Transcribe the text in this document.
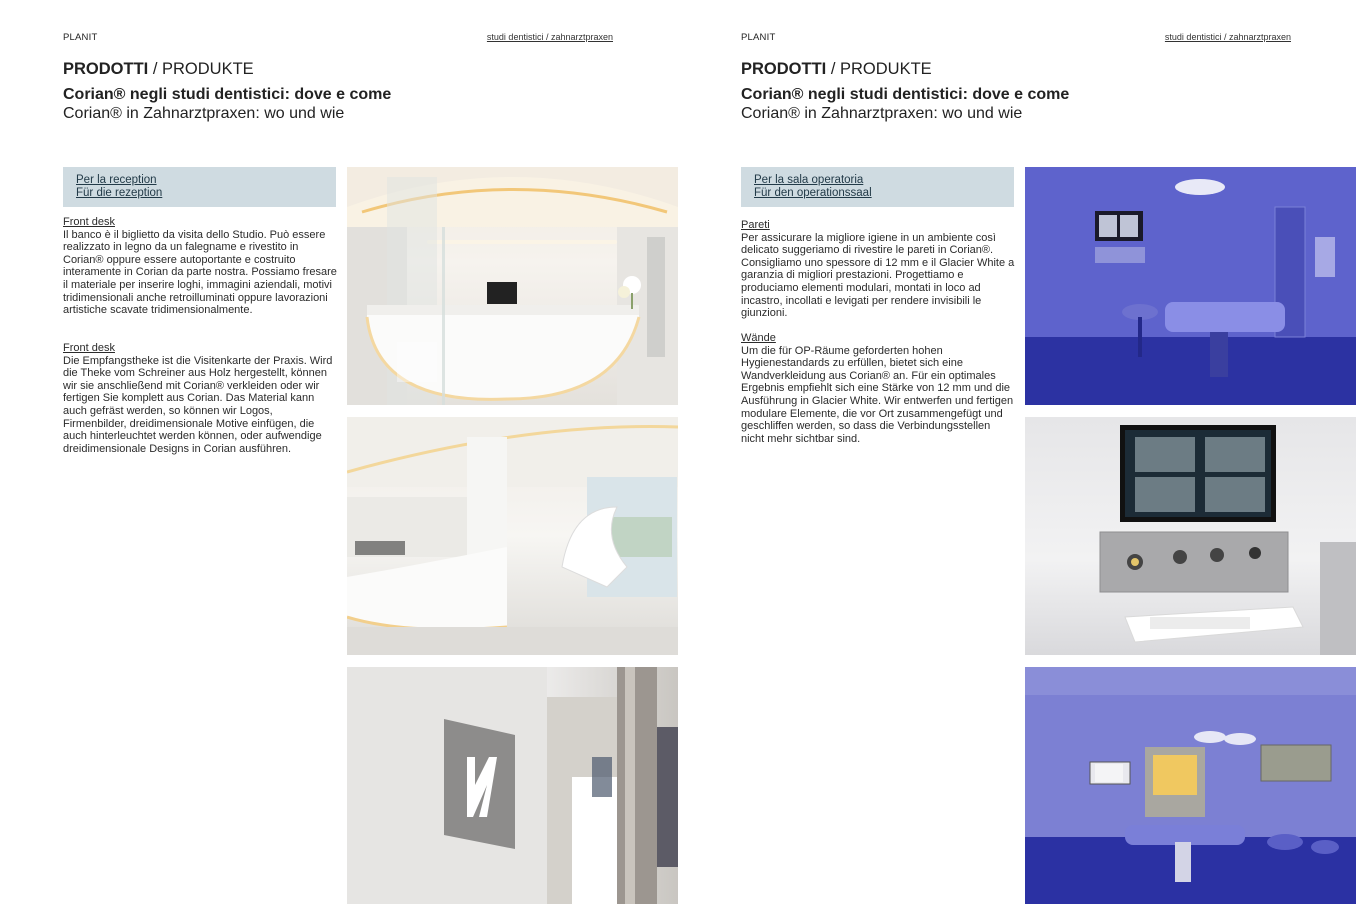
PLANIT	studi dentistici / zahnarztpraxen
PRODOTTI / PRODUKTE
Corian® negli studi dentistici: dove e come
Corian® in Zahnarztpraxen: wo und wie
Per la reception
Für die rezeption
Front desk

Il banco è il biglietto da visita dello Studio. Può essere realizzato in legno da un falegname e rivestito in Corian® oppure essere autoportante e costruito interamente in Corian da parte nostra. Possiamo fresare il materiale per inserire loghi, immagini aziendali, motivi tridimensionali anche retroilluminati oppure lavorazioni artistiche scavate tridimensionalmente.

Front desk

Die Empfangstheke ist die Visitenkarte der Praxis. Wird die Theke vom Schreiner aus Holz hergestellt, können wir sie anschließend mit Corian® verkleiden oder wir fertigen Sie komplett aus Corian. Das Material kann auch gefräst werden, so können wir Logos, Firmenbilder, dreidimensionale Motive einfügen, die auch hinterleuchtet werden können, oder aufwendige dreidimensionale Designs in Corian ausführen.

PLANIT	studi dentistici / zahnarztpraxen
PRODOTTI / PRODUKTE
Corian® negli studi dentistici: dove e come
Corian® in Zahnarztpraxen: wo und wie
Per la sala operatoria
Für den operationssaal
Pareti

Per assicurare la migliore igiene in un ambiente così delicato suggeriamo di rivestire le pareti in Corian®. Consigliamo uno spessore di 12 mm e il Glacier White a garanzia di migliori prestazioni. Progettiamo e produciamo elementi modulari, montati in loco ad incastro, incollati e levigati per rendere invisibili le giunzioni.

Wände

Um die für OP-Räume geforderten hohen Hygienestandards zu erfüllen, bietet sich eine Wandverkleidung aus Corian® an. Für ein optimales Ergebnis empfiehlt sich eine Stärke von 12 mm und die Ausführung in Glacier White. Wir entwerfen und fertigen modulare Elemente, die vor Ort zusammengefügt und geschliffen werden, so dass die Verbindungsstellen nicht mehr sichtbar sind.
